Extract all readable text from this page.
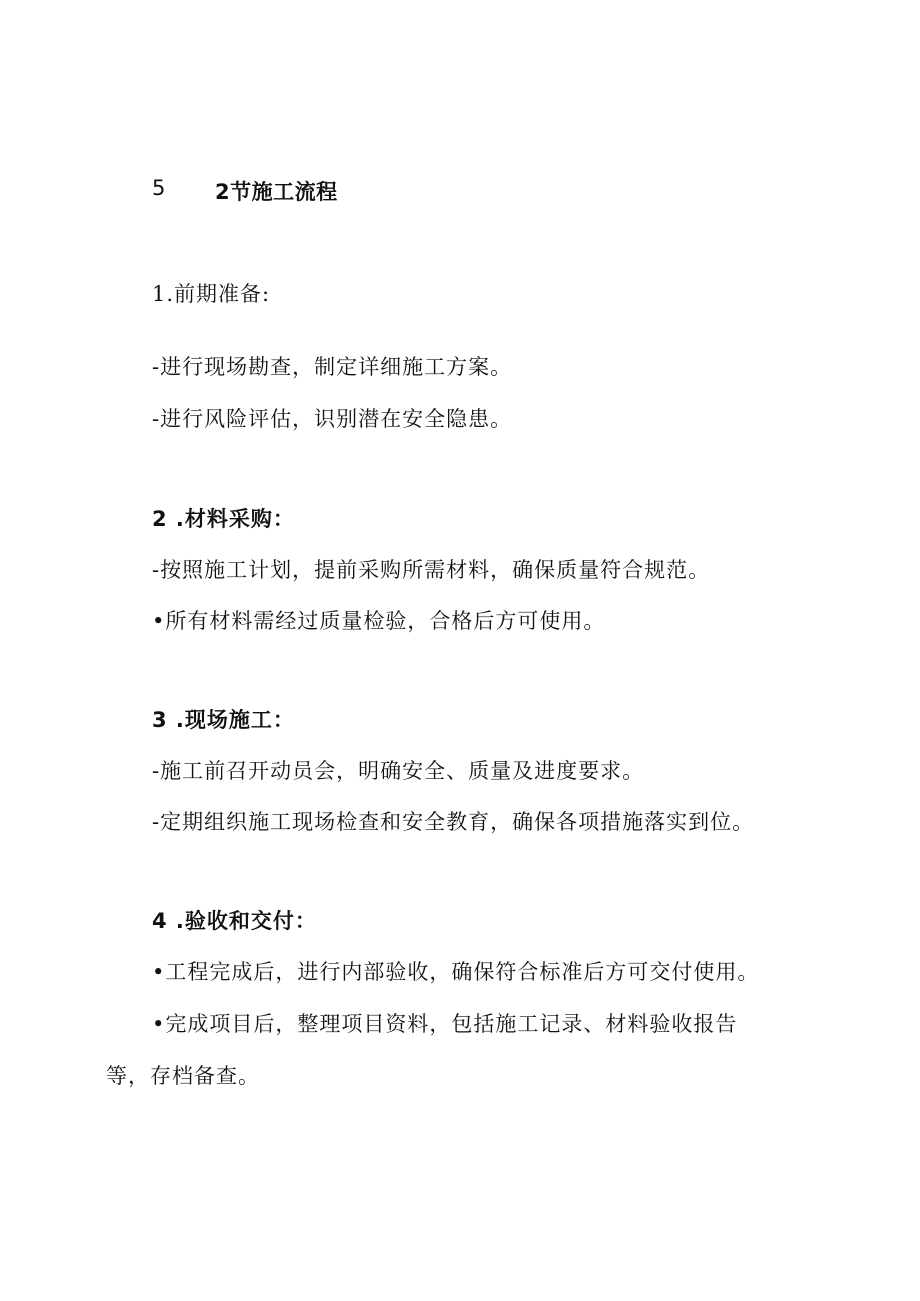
5 2节施工流程
1.前期准备:
-进行现场勘查，制定详细施工方案。
-进行风险评估，识别潜在安全隐患。
2 .材料采购：
-按照施工计划，提前采购所需材料，确保质量符合规范。
•所有材料需经过质量检验，合格后方可使用。
3 .现场施工：
-施工前召开动员会，明确安全、质量及进度要求。
-定期组织施工现场检查和安全教育，确保各项措施落实到位。
4 .验收和交付：
•工程完成后，进行内部验收，确保符合标准后方可交付使用。
•完成项目后，整理项目资料，包括施工记录、材料验收报告
等，存档备查。
